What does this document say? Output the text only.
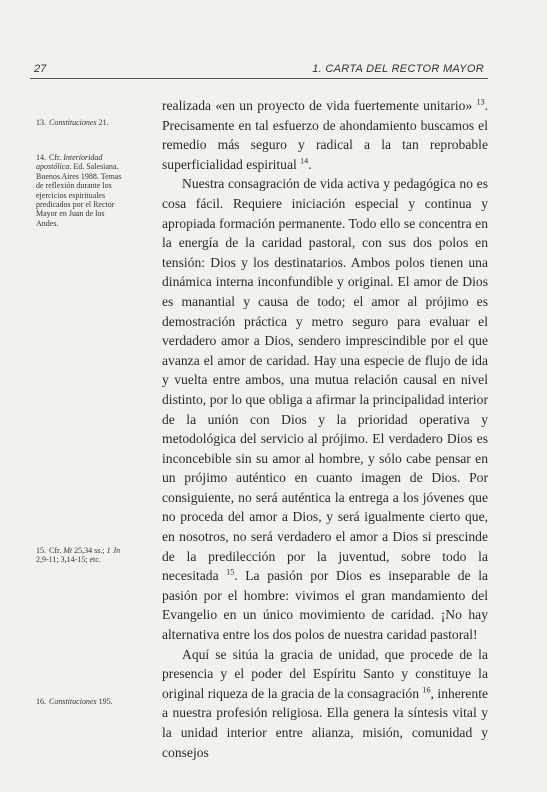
27	1. CARTA DEL RECTOR MAYOR
13. Constituciones 21.
14. Cfr. Interioridad apostólica. Ed. Salesiana. Buenos Aires 1988. Temas de reflexión durante los ejercicios espirituales predicados por el Rector Mayor en Juan de los Andes.
15. Cfr. Mt 25,34 ss.; 1 Jn 2,9-11; 3,14-15; etc.
16. Constituciones 195.

realizada «en un proyecto de vida fuertemente unitario» $^{13}$. Precisamente en tal esfuerzo de ahondamiento buscamos el remedio más seguro y radical a la tan reprobable superficialidad espiritual $^{14}$.

Nuestra consagración de vida activa y pedagógica no es cosa fácil. Requiere iniciación especial y continua y apropiada formación permanente. Todo ello se concentra en la energía de la caridad pastoral, con sus dos polos en tensión: Dios y los destinatarios. Ambos polos tienen una dinámica interna inconfundible y original. El amor de Dios es manantial y causa de todo; el amor al prójimo es demostración práctica y metro seguro para evaluar el verdadero amor a Dios, sendero imprescindible por el que avanza el amor de caridad. Hay una especie de flujo de ida y vuelta entre ambos, una mutua relación causal en nivel distinto, por lo que obliga a afirmar la principalidad interior de la unión con Dios y la prioridad operativa y metodológica del servicio al prójimo. El verdadero Dios es inconcebible sin su amor al hombre, y sólo cabe pensar en un prójimo auténtico en cuanto imagen de Dios. Por consiguiente, no será auténtica la entrega a los jóvenes que no proceda del amor a Dios, y será igualmente cierto que, en nosotros, no será verdadero el amor a Dios si prescinde de la predilección por la juventud, sobre todo la necesitada $^{15}$. La pasión por Dios es inseparable de la pasión por el hombre: vivimos el gran mandamiento del Evangelio en un único movimiento de caridad. ¡No hay alternativa entre los dos polos de nuestra caridad pastoral!

Aquí se sitúa la gracia de unidad, que procede de la presencia y el poder del Espíritu Santo y constituye la original riqueza de la gracia de la consagración $^{16}$, inherente a nuestra profesión religiosa. Ella genera la síntesis vital y la unidad interior entre alianza, misión, comunidad y consejos
